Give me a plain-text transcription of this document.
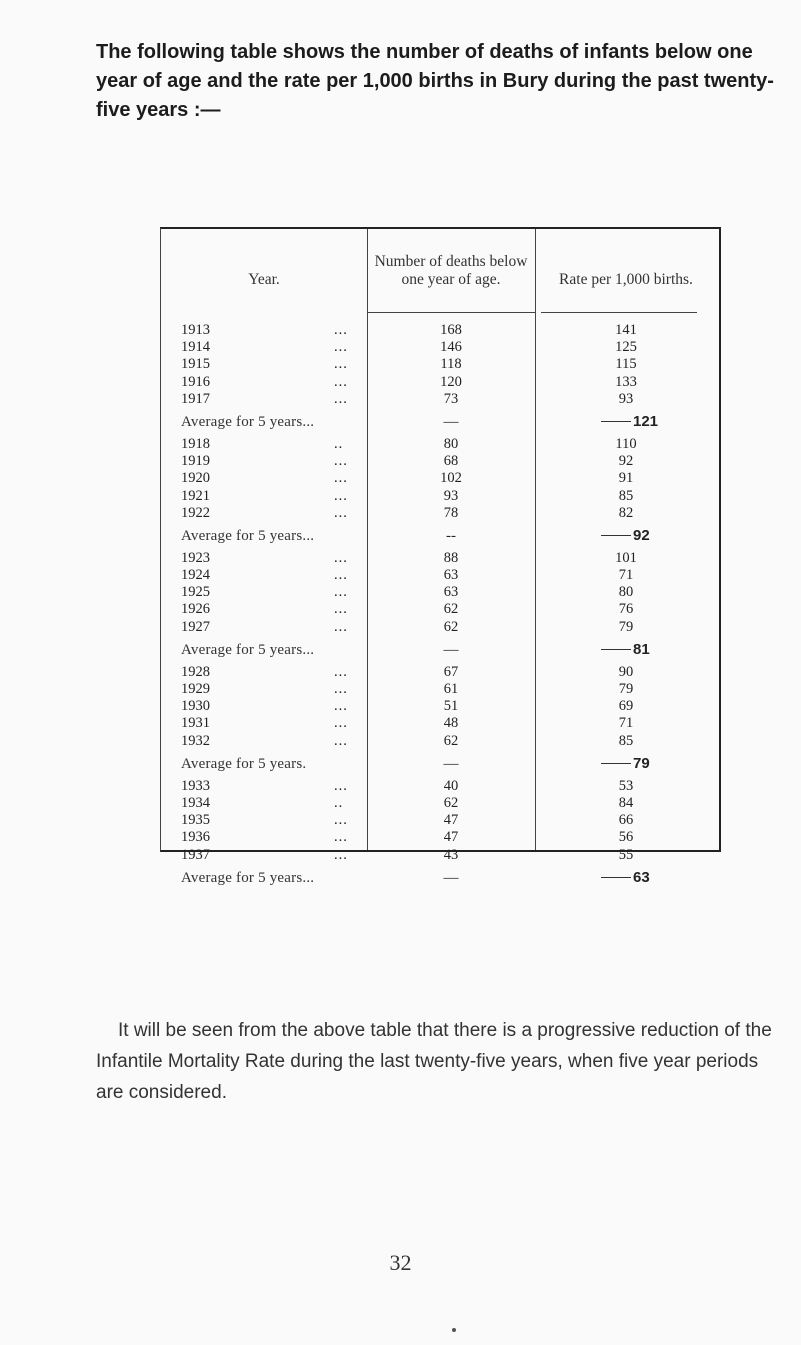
The following table shows the number of deaths of infants below one year of age and the rate per 1,000 births in Bury during the past twenty-five years :—

Year.
Number of deaths below one year of age.	Rate per 1,000 births.
1913	...	168	141
1914	...	146	125
1915	...	118	115
1916	...	120	133
1917	...	73	93
Average for 5 years...	—	121
1918	..	80	110
1919	...	68	92
1920	...	102	91
1921	...	93	85
1922	...	78	82
Average for 5 years...	--	92
1923	...	88	101
1924	...	63	71
1925	...	63	80
1926	...	62	76
1927	...	62	79
Average for 5 years...	—	81
1928	...	67	90
1929	...	61	79
1930	...	51	69
1931	...	48	71
1932	...	62	85
Average for 5 years.	—	79
1933	...	40	53
1934	..	62	84
1935	...	47	66
1936	...	47	56
1937	...	43	55
Average for 5 years...	—	63

It will be seen from the above table that there is a progressive reduction of the Infantile Mortality Rate during the last twenty-five years, when five year periods are considered.

32
